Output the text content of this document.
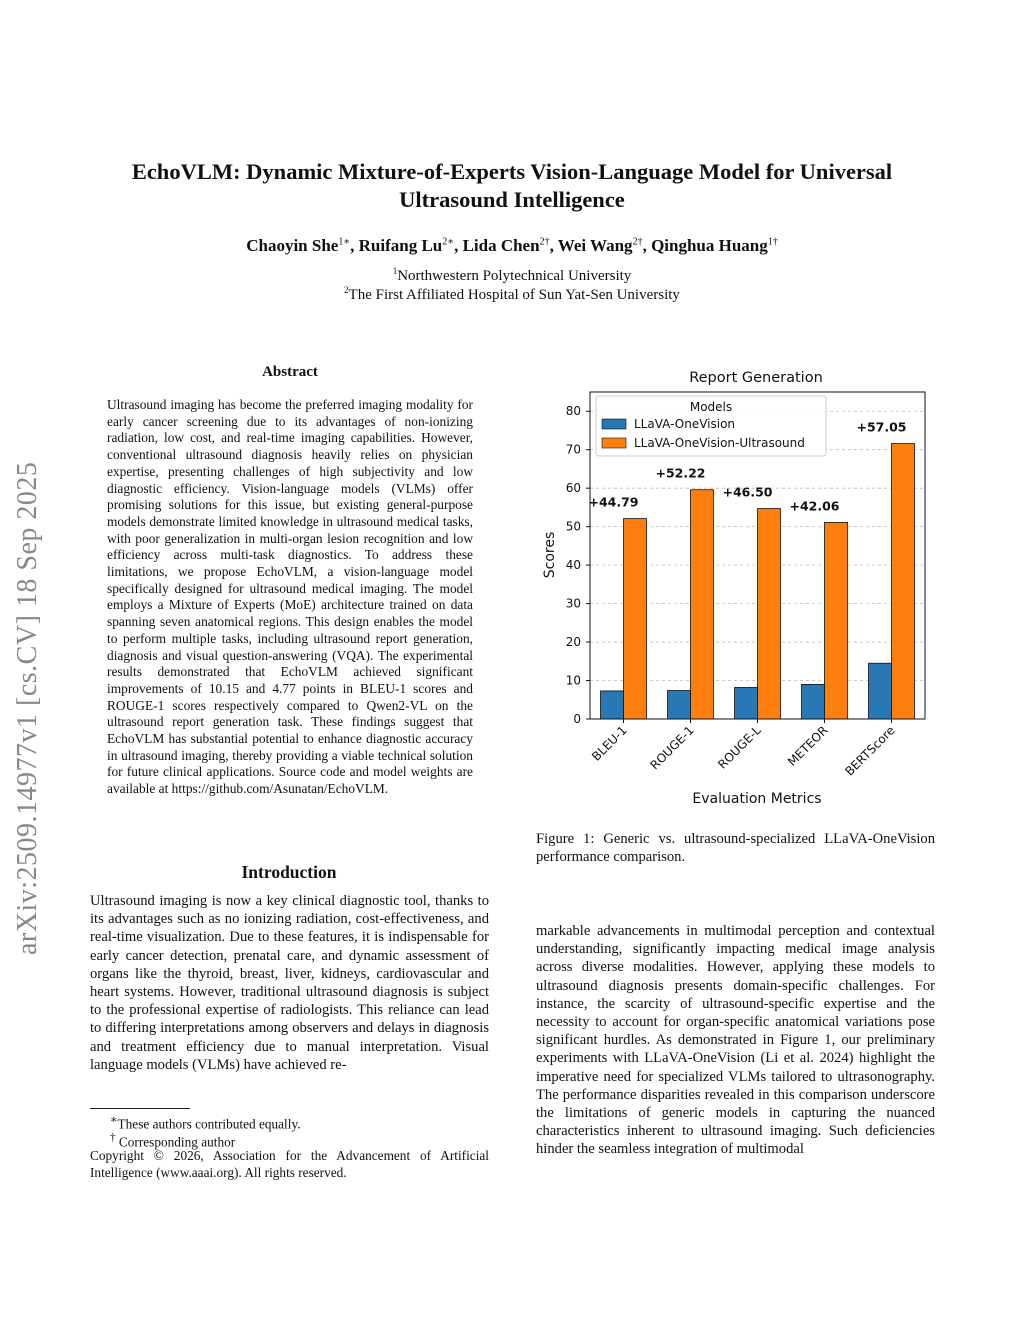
EchoVLM: Dynamic Mixture-of-Experts Vision-Language Model for Universal
Ultrasound Intelligence
Chaoyin She$^{1∗}$, Ruifang $Lu^{2∗}$, Lida Chen$^{2\dagger}$, Wei Wang$^{2\dagger}$, Qinghua Huang$^{1\dagger}$
$^1$Northwestern Polytechnical University
$^2$The First Affiliated Hospital of Sun Yat-Sen University
arXiv:2509.14977v1 [cs.CV] 18 Sep 2025
Abstract
Ultrasound imaging has become the preferred imaging modality for early cancer screening due to its advantages of non-ionizing radiation, low cost, and real-time imaging capabilities. However, conventional ultrasound diagnosis heavily relies on physician expertise, presenting challenges of high subjectivity and low diagnostic efficiency. Vision-language models (VLMs) offer promising solutions for this issue, but existing general-purpose models demonstrate limited knowledge in ultrasound medical tasks, with poor generalization in multi-organ lesion recognition and low efficiency across multi-task diagnostics. To address these limitations, we propose EchoVLM, a vision-language model specifically designed for ultrasound medical imaging. The model employs a Mixture of Experts (MoE) architecture trained on data spanning seven anatomical regions. This design enables the model to perform multiple tasks, including ultrasound report generation, diagnosis and visual question-answering (VQA). The experimental results demonstrated that EchoVLM achieved significant improvements of 10.15 and 4.77 points in BLEU-1 scores and ROUGE-1 scores respectively compared to Qwen2-VL on the ultrasound report generation task. These findings suggest that EchoVLM has substantial potential to enhance diagnostic accuracy in ultrasound imaging, thereby providing a viable technical solution for future clinical applications. Source code and model weights are available at https://github.com/Asunatan/EchoVLM.
Introduction
Ultrasound imaging is now a key clinical diagnostic tool, thanks to its advantages such as no ionizing radiation, cost-effectiveness, and real-time visualization. Due to these features, it is indispensable for early cancer detection, prenatal care, and dynamic assessment of organs like the thyroid, breast, liver, kidneys, cardiovascular and heart systems. However, traditional ultrasound diagnosis is subject to the professional expertise of radiologists. This reliance can lead to differing interpretations among observers and delays in diagnosis and treatment efficiency due to manual interpretation. Visual language models (VLMs) have achieved re-
∗These authors contributed equally.
† Corresponding author
Copyright © 2026, Association for the Advancement of Artificial Intelligence (www.aaai.org). All rights reserved.
Report Generation
+44.79
+52.22
+46.50
+42.06
+57.05
0
10
20
30
40
50
60
70
80
BLEU-1 ROUGE-1 ROUGE-L METEOR BERTScore
Scores
Evaluation Metrics
Models
LLaVA-OneVision
LLaVA-OneVision-Ultrasound
Figure 1: Generic vs. ultrasound-specialized LLaVA-OneVision performance comparison.
markable advancements in multimodal perception and contextual understanding, significantly impacting medical image analysis across diverse modalities. However, applying these models to ultrasound diagnosis presents domain-specific challenges. For instance, the scarcity of ultrasound-specific expertise and the necessity to account for organ-specific anatomical variations pose significant hurdles. As demonstrated in Figure 1, our preliminary experiments with LLaVA-OneVision (Li et al. 2024) highlight the imperative need for specialized VLMs tailored to ultrasonography. The performance disparities revealed in this comparison underscore the limitations of generic models in capturing the nuanced characteristics inherent to ultrasound imaging. Such deficiencies hinder the seamless integration of multimodal
